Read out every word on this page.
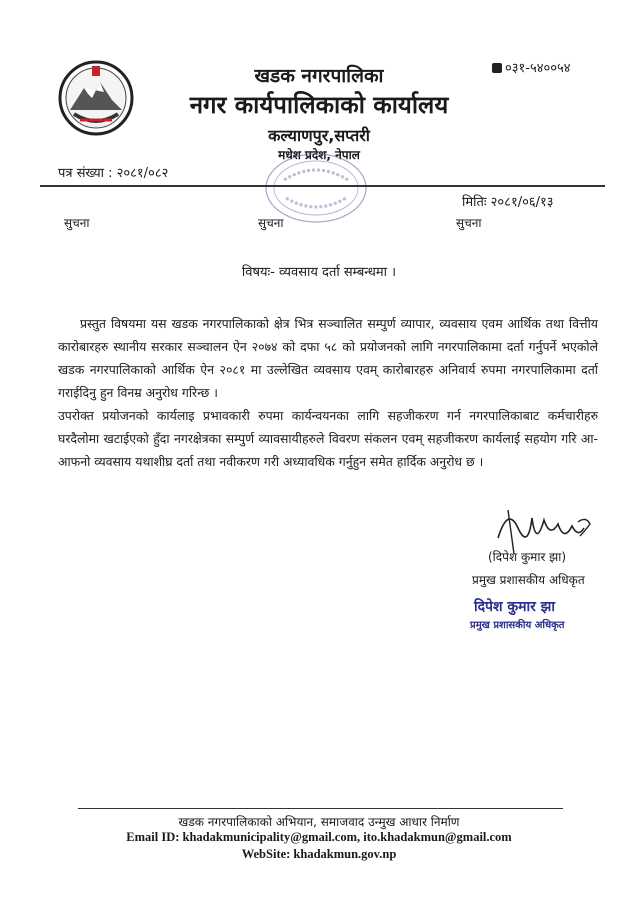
खडक नगरपालिका
नगर कार्यपालिकाको कार्यालय
कल्याणपुर,सप्तरी
मधेश प्रदेश, नेपाल
०३१-५४००५४
पत्र संख्या : २०८१/०८२
मितिः २०८१/०६/१३
सुचना	सुचना	सुचना
विषयः- व्यवसाय दर्ता सम्बन्धमा ।
प्रस्तुत विषयमा यस खडक नगरपालिकाको क्षेत्र भित्र सञ्चालित सम्पुर्ण व्यापार, व्यवसाय एवम आर्थिक तथा वित्तीय कारोबारहरु स्थानीय सरकार सञ्चालन ऐन २०७४ को दफा ५८ को प्रयोजनको लागि नगरपालिकामा दर्ता गर्नुपर्ने भएकोले खडक नगरपालिकाको आर्थिक ऐन २०८१ मा उल्लेखित व्यवसाय एवम् कारोबारहरु अनिवार्य रुपमा नगरपालिकामा दर्ता गराईदिनु हुन विनम्र अनुरोध गरिन्छ ।
उपरोक्त प्रयोजनको कार्यलाइ प्रभावकारी रुपमा कार्यन्वयनका लागि सहजीकरण गर्न नगरपालिकाबाट कर्मचारीहरु घरदैलोमा खटाईएको हुँदा नगरक्षेत्रका सम्पुर्ण व्यावसायीहरुले विवरण संकलन एवम् सहजीकरण कार्यलाई सहयोग गरि आ-आफनो व्यवसाय यथाशीघ्र दर्ता तथा नवीकरण गरी अध्यावधिक गर्नुहुन समेत हार्दिक अनुरोध छ ।
(दिपेश कुमार झा)
प्रमुख प्रशासकीय अधिकृत
दिपेश कुमार झा
प्रमुख प्रशासकीय अधिकृत
खडक नगरपालिकाको अभियान, समाजवाद उन्मुख आधार निर्माण
Email ID: khadakmunicipality@gmail.com, ito.khadakmun@gmail.com
WebSite: khadakmun.gov.np
